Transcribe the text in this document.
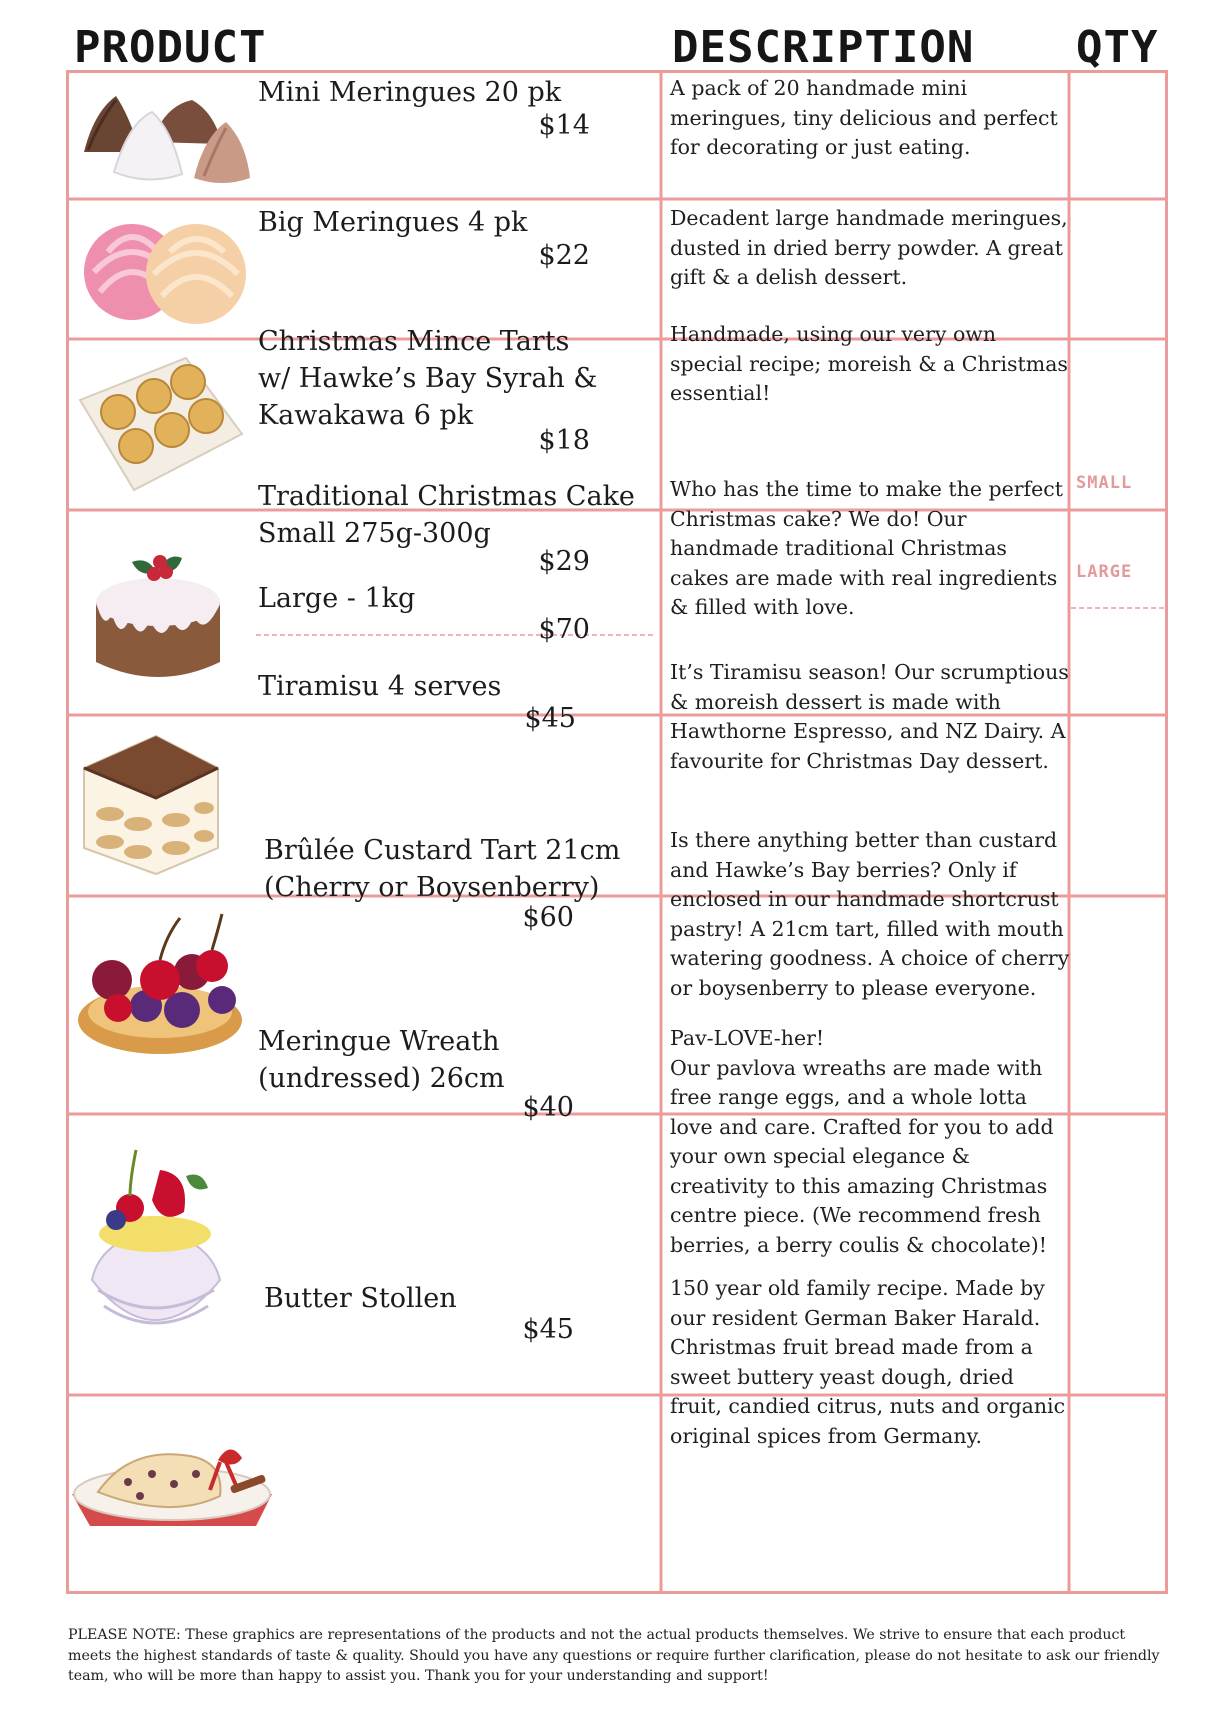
PRODUCT	DESCRIPTION QTY
Mini Meringues 20 pk
$14

A pack of 20 handmade mini meringues, tiny delicious and perfect for decorating or just eating.

Big Meringues 4 pk
$22

Decadent large handmade meringues, dusted in dried berry powder. A great gift & a delish dessert.

Christmas Mince Tarts
w/ Hawke’s Bay Syrah &
Kawakawa 6 pk
$18

Handmade, using our very own special recipe; moreish & a Christmas essential!

Traditional Christmas Cake
Small 275g-300g
$29
Large - 1kg
$70

Who has the time to make the perfect Christmas cake? We do! Our handmade traditional Christmas cakes are made with real ingredients & filled with love.

SMALL
LARGE
Tiramisu 4 serves
$45

It’s Tiramisu season! Our scrumptious & moreish dessert is made with Hawthorne Espresso, and NZ Dairy. A favourite for Christmas Day dessert.

Brûlée Custard Tart 21cm
(Cherry or Boysenberry)
$60

Is there anything better than custard and Hawke’s Bay berries? Only if enclosed in our handmade shortcrust pastry! A 21cm tart, filled with mouth watering goodness. A choice of cherry or boysenberry to please everyone.

Meringue Wreath
(undressed) 26cm
$40

Pav-LOVE-her!

Our pavlova wreaths are made with free range eggs, and a whole lotta love and care. Crafted for you to add your own special elegance & creativity to this amazing Christmas centre piece. (We recommend fresh berries, a berry coulis & chocolate)!

Butter Stollen
$45

150 year old family recipe. Made by our resident German Baker Harald. Christmas fruit bread made from a sweet buttery yeast dough, dried fruit, candied citrus, nuts and organic original spices from Germany.

PLEASE NOTE: These graphics are representations of the products and not the actual products themselves. We strive to ensure that each product meets the highest standards of taste & quality. Should you have any questions or require further clarification, please do not hesitate to ask our friendly team, who will be more than happy to assist you. Thank you for your understanding and support!
